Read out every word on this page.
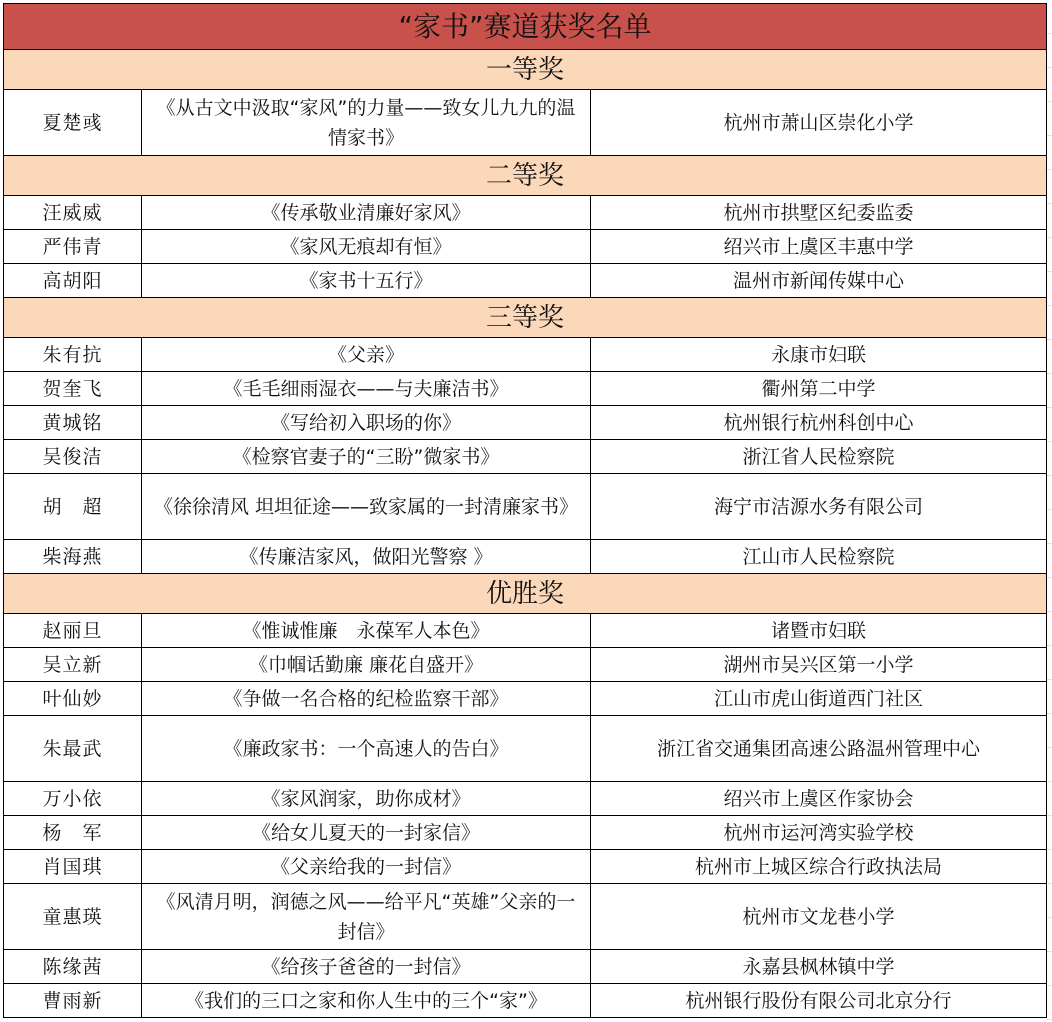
“家书”赛道获奖名单		
一等奖		
夏楚彧	《从古文中汲取“家风”的力量——致女儿九九的温情家书》	杭州市萧山区崇化小学
二等奖		
汪威威	《传承敬业清廉好家风》	杭州市拱墅区纪委监委
严伟青	《家风无痕却有恒》	绍兴市上虞区丰惠中学
高胡阳	《家书十五行》	温州市新闻传媒中心
三等奖		
朱有抗	《父亲》	永康市妇联
贺奎飞	《毛毛细雨湿衣——与夫廉洁书》	衢州第二中学
黄城铭	《写给初入职场的你》	杭州银行杭州科创中心
吴俊洁	《检察官妻子的“三盼”微家书》	浙江省人民检察院
胡　超	《徐徐清风 坦坦征途——致家属的一封清廉家书》	海宁市洁源水务有限公司
柴海燕	《传廉洁家风，做阳光警察 》	江山市人民检察院
优胜奖		
赵丽旦	《惟诚惟廉　永葆军人本色》	诸暨市妇联
吴立新	《巾帼话勤廉 廉花自盛开》	湖州市吴兴区第一小学
叶仙妙	《争做一名合格的纪检监察干部》	江山市虎山街道西门社区
朱最武	《廉政家书：一个高速人的告白》	浙江省交通集团高速公路温州管理中心
万小依	《家风润家，助你成材》	绍兴市上虞区作家协会
杨　军	《给女儿夏天的一封家信》	杭州市运河湾实验学校
肖国琪	《父亲给我的一封信》	杭州市上城区综合行政执法局
童惠瑛	《风清月明，润德之风——给平凡“英雄”父亲的一封信》	杭州市文龙巷小学
陈缘茜	《给孩子爸爸的一封信》	永嘉县枫林镇中学
曹雨新	《我们的三口之家和你人生中的三个“家”》	杭州银行股份有限公司北京分行
